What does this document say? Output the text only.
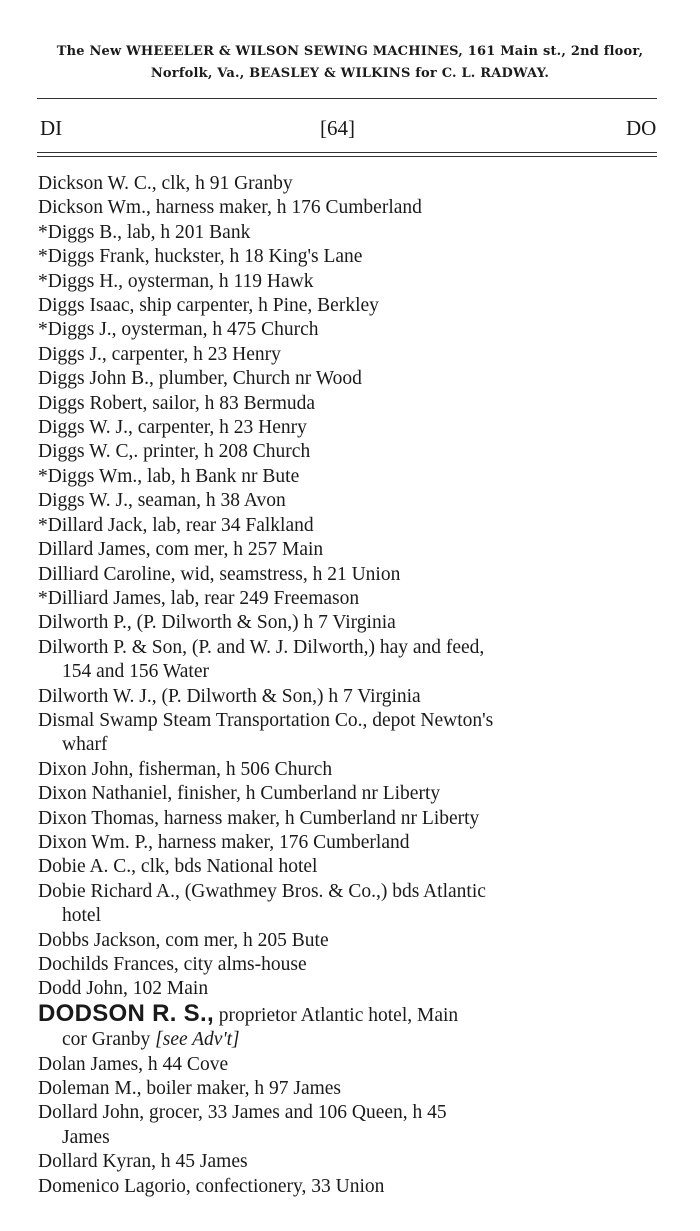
The New WHEEELER & WILSON SEWING MACHINES, 161 Main st., 2nd floor,
Norfolk, Va., BEASLEY & WILKINS for C. L. RADWAY.
DI	[64]	DO
Dickson W. C., clk, h 91 Granby
Dickson Wm., harness maker, h 176 Cumberland
*Diggs B., lab, h 201 Bank
*Diggs Frank, huckster, h 18 King's Lane
*Diggs H., oysterman, h 119 Hawk
Diggs Isaac, ship carpenter, h Pine, Berkley
*Diggs J., oysterman, h 475 Church
Diggs J., carpenter, h 23 Henry
Diggs John B., plumber, Church nr Wood
Diggs Robert, sailor, h 83 Bermuda
Diggs W. J., carpenter, h 23 Henry
Diggs W. C,. printer, h 208 Church
*Diggs Wm., lab, h Bank nr Bute
Diggs W. J., seaman, h 38 Avon
*Dillard Jack, lab, rear 34 Falkland
Dillard James, com mer, h 257 Main
Dilliard Caroline, wid, seamstress, h 21 Union
*Dilliard James, lab, rear 249 Freemason
Dilworth P., (P. Dilworth & Son,) h 7 Virginia
Dilworth P. & Son, (P. and W. J. Dilworth,) hay and feed,
154 and 156 Water
Dilworth W. J., (P. Dilworth & Son,) h 7 Virginia
Dismal Swamp Steam Transportation Co., depot Newton's
wharf
Dixon John, fisherman, h 506 Church
Dixon Nathaniel, finisher, h Cumberland nr Liberty
Dixon Thomas, harness maker, h Cumberland nr Liberty
Dixon Wm. P., harness maker, 176 Cumberland
Dobie A. C., clk, bds National hotel
Dobie Richard A., (Gwathmey Bros. & Co.,) bds Atlantic
hotel
Dobbs Jackson, com mer, h 205 Bute
Dochilds Frances, city alms-house
Dodd John, 102 Main
DODSON R. S., proprietor Atlantic hotel, Main
cor Granby [see Adv't]
Dolan James, h 44 Cove
Doleman M., boiler maker, h 97 James
Dollard John, grocer, 33 James and 106 Queen, h 45
James
Dollard Kyran, h 45 James
Domenico Lagorio, confectionery, 33 Union
